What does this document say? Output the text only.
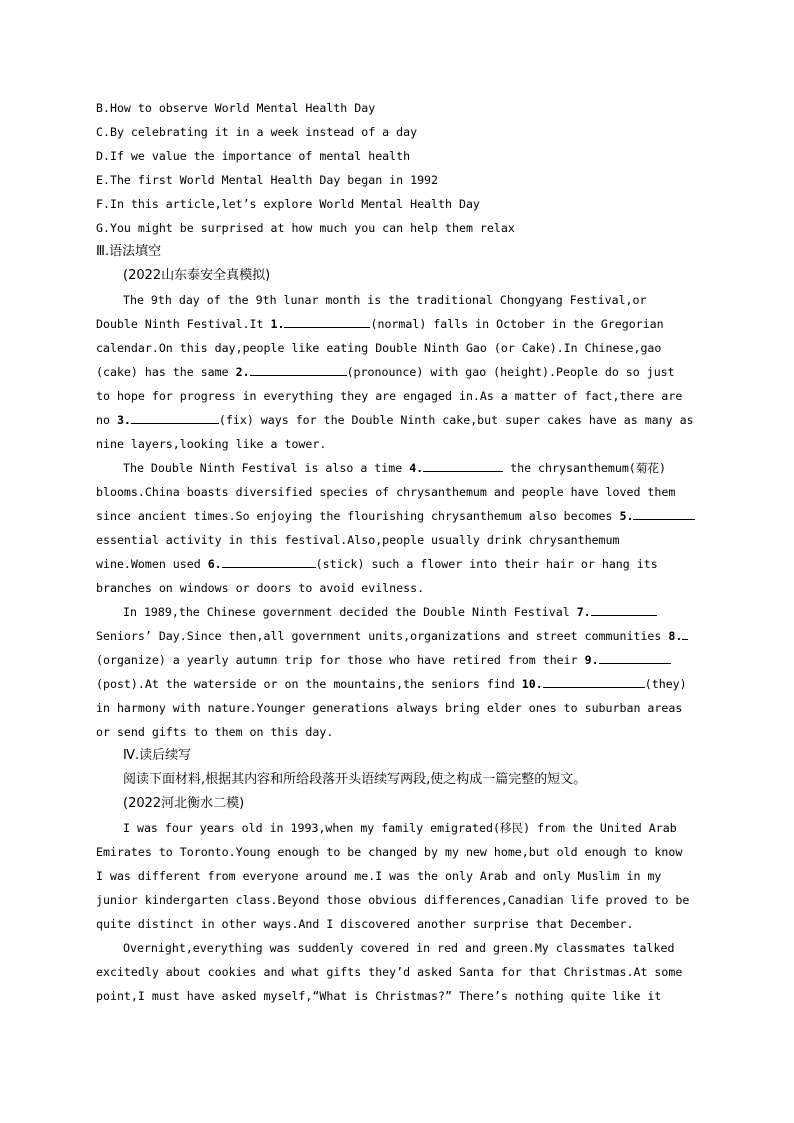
B.How to observe World Mental Health Day
C.By celebrating it in a week instead of a day
D.If we value the importance of mental health
E.The first World Mental Health Day began in 1992
F.In this article,let’s explore World Mental Health Day
G.You might be surprised at how much you can help them relax
Ⅲ.语法填空
(2022山东泰安全真模拟)
The 9th day of the 9th lunar month is the traditional Chongyang Festival,or
Double Ninth Festival.It 1.	(normal) falls in October in the Gregorian
calendar.On this day,people like eating Double Ninth Gao (or Cake).In Chinese,gao
(cake) has the same 2.	(pronounce) with gao (height).People do so just
to hope for progress in everything they are engaged in.As a matter of fact,there are
no 3.	(fix) ways for the Double Ninth cake,but super cakes have as many as
nine layers,looking like a tower.
The Double Ninth Festival is also a time 4.	the chrysanthemum(菊花)
blooms.China boasts diversified species of chrysanthemum and people have loved them
since ancient times.So enjoying the flourishing chrysanthemum also becomes 5.
essential activity in this festival.Also,people usually drink chrysanthemum
wine.Women used 6.	(stick) such a flower into their hair or hang its
branches on windows or doors to avoid evilness.
In 1989,the Chinese government decided the Double Ninth Festival 7.
Seniors’ Day.Since then,all government units,organizations and street communities 8.
(organize) a yearly autumn trip for those who have retired from their 9.
(post).At the waterside or on the mountains,the seniors find 10.	(they)
in harmony with nature.Younger generations always bring elder ones to suburban areas
or send gifts to them on this day.
Ⅳ.读后续写
阅读下面材料,根据其内容和所给段落开头语续写两段,使之构成一篇完整的短文。
(2022河北衡水二模)
I was four years old in 1993,when my family emigrated(移民) from the United Arab
Emirates to Toronto.Young enough to be changed by my new home,but old enough to know
I was different from everyone around me.I was the only Arab and only Muslim in my
junior kindergarten class.Beyond those obvious differences,Canadian life proved to be
quite distinct in other ways.And I discovered another surprise that December.
Overnight,everything was suddenly covered in red and green.My classmates talked
excitedly about cookies and what gifts they’d asked Santa for that Christmas.At some
point,I must have asked myself,“What is Christmas?” There’s nothing quite like it
